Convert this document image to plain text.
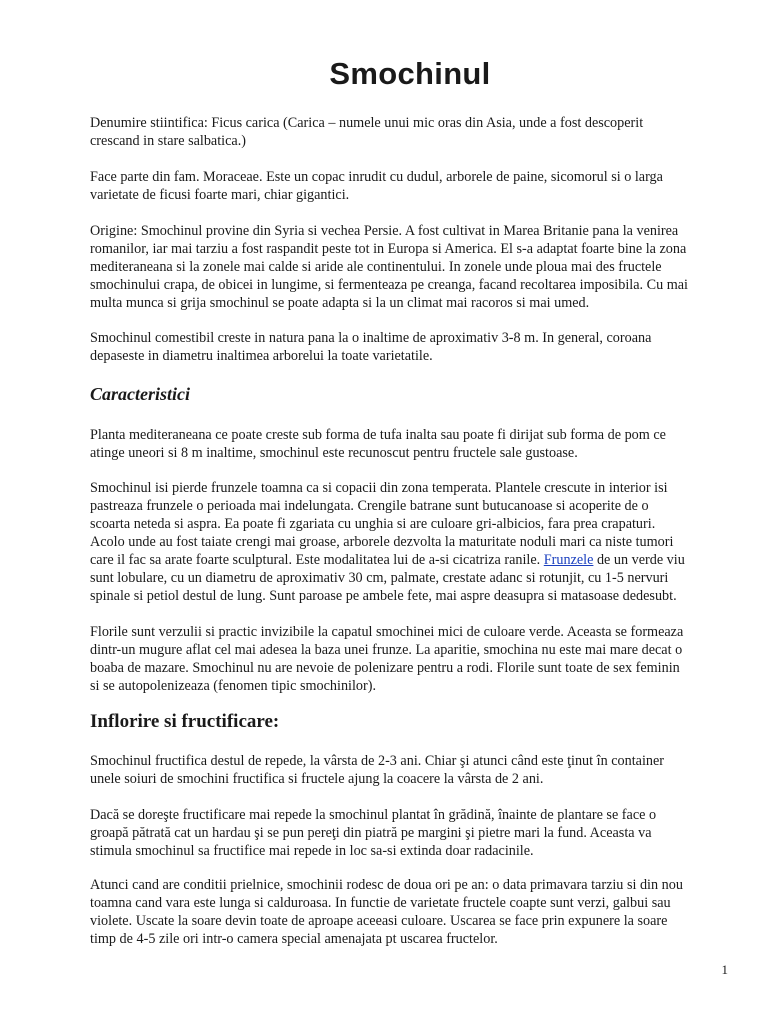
Smochinul

Denumire stiintifica: Ficus carica (Carica – numele unui mic oras din Asia, unde a fost descoperit
crescand in stare salbatica.)

Face parte din fam. Moraceae. Este un copac inrudit cu dudul, arborele de paine, sicomorul si o larga
varietate de ficusi foarte mari, chiar gigantici.

Origine: Smochinul provine din Syria si vechea Persie. A fost cultivat in Marea Britanie pana la venirea
romanilor, iar mai tarziu a fost raspandit peste tot in Europa si America. El s-a adaptat foarte bine la zona
mediteraneana si la zonele mai calde si aride ale continentului. In zonele unde ploua mai des fructele
smochinului crapa, de obicei in lungime, si fermenteaza pe creanga, facand recoltarea imposibila. Cu mai
multa munca si grija smochinul se poate adapta si la un climat mai racoros si mai umed.

Smochinul comestibil creste in natura pana la o inaltime de aproximativ 3-8 m. In general, coroana
depaseste in diametru inaltimea arborelui la toate varietatile.

Caracteristici

Planta mediteraneana ce poate creste sub forma de tufa inalta sau poate fi dirijat sub forma de pom ce
atinge uneori si 8 m inaltime, smochinul este recunoscut pentru fructele sale gustoase.

Smochinul isi pierde frunzele toamna ca si copacii din zona temperata. Plantele crescute in interior isi
pastreaza frunzele o perioada mai indelungata. Crengile batrane sunt butucanoase si acoperite de o
scoarta neteda si aspra. Ea poate fi zgariata cu unghia si are culoare gri-albicios, fara prea crapaturi.
Acolo unde au fost taiate crengi mai groase, arborele dezvolta la maturitate noduli mari ca niste tumori
care il fac sa arate foarte sculptural. Este modalitatea lui de a-si cicatriza ranile. Frunzele de un verde viu
sunt lobulare, cu un diametru de aproximativ 30 cm, palmate, crestate adanc si rotunjit, cu 1-5 nervuri
spinale si petiol destul de lung. Sunt paroase pe ambele fete, mai aspre deasupra si matasoase dedesubt.

Florile sunt verzulii si practic invizibile la capatul smochinei mici de culoare verde. Aceasta se formeaza
dintr-un mugure aflat cel mai adesea la baza unei frunze. La aparitie, smochina nu este mai mare decat o
boaba de mazare. Smochinul nu are nevoie de polenizare pentru a rodi. Florile sunt toate de sex feminin
si se autopolenizeaza (fenomen tipic smochinilor).

Inflorire si fructificare:

Smochinul fructifica destul de repede, la vârsta de 2-3 ani. Chiar şi atunci când este ţinut în container
unele soiuri de smochini fructifica si fructele ajung la coacere la vârsta de 2 ani.

Dacă se doreşte fructificare mai repede la smochinul plantat în grădină, înainte de plantare se face o
groapă pătrată cat un hardau şi se pun pereţi din piatră pe margini şi pietre mari la fund. Aceasta va
stimula smochinul sa fructifice mai repede in loc sa-si extinda doar radacinile.

Atunci cand are conditii prielnice, smochinii rodesc de doua ori pe an: o data primavara tarziu si din nou
toamna cand vara este lunga si calduroasa. In functie de varietate fructele coapte sunt verzi, galbui sau
violete. Uscate la soare devin toate de aproape aceeasi culoare. Uscarea se face prin expunere la soare
timp de 4-5 zile ori intr-o camera special amenajata pt uscarea fructelor.

1
